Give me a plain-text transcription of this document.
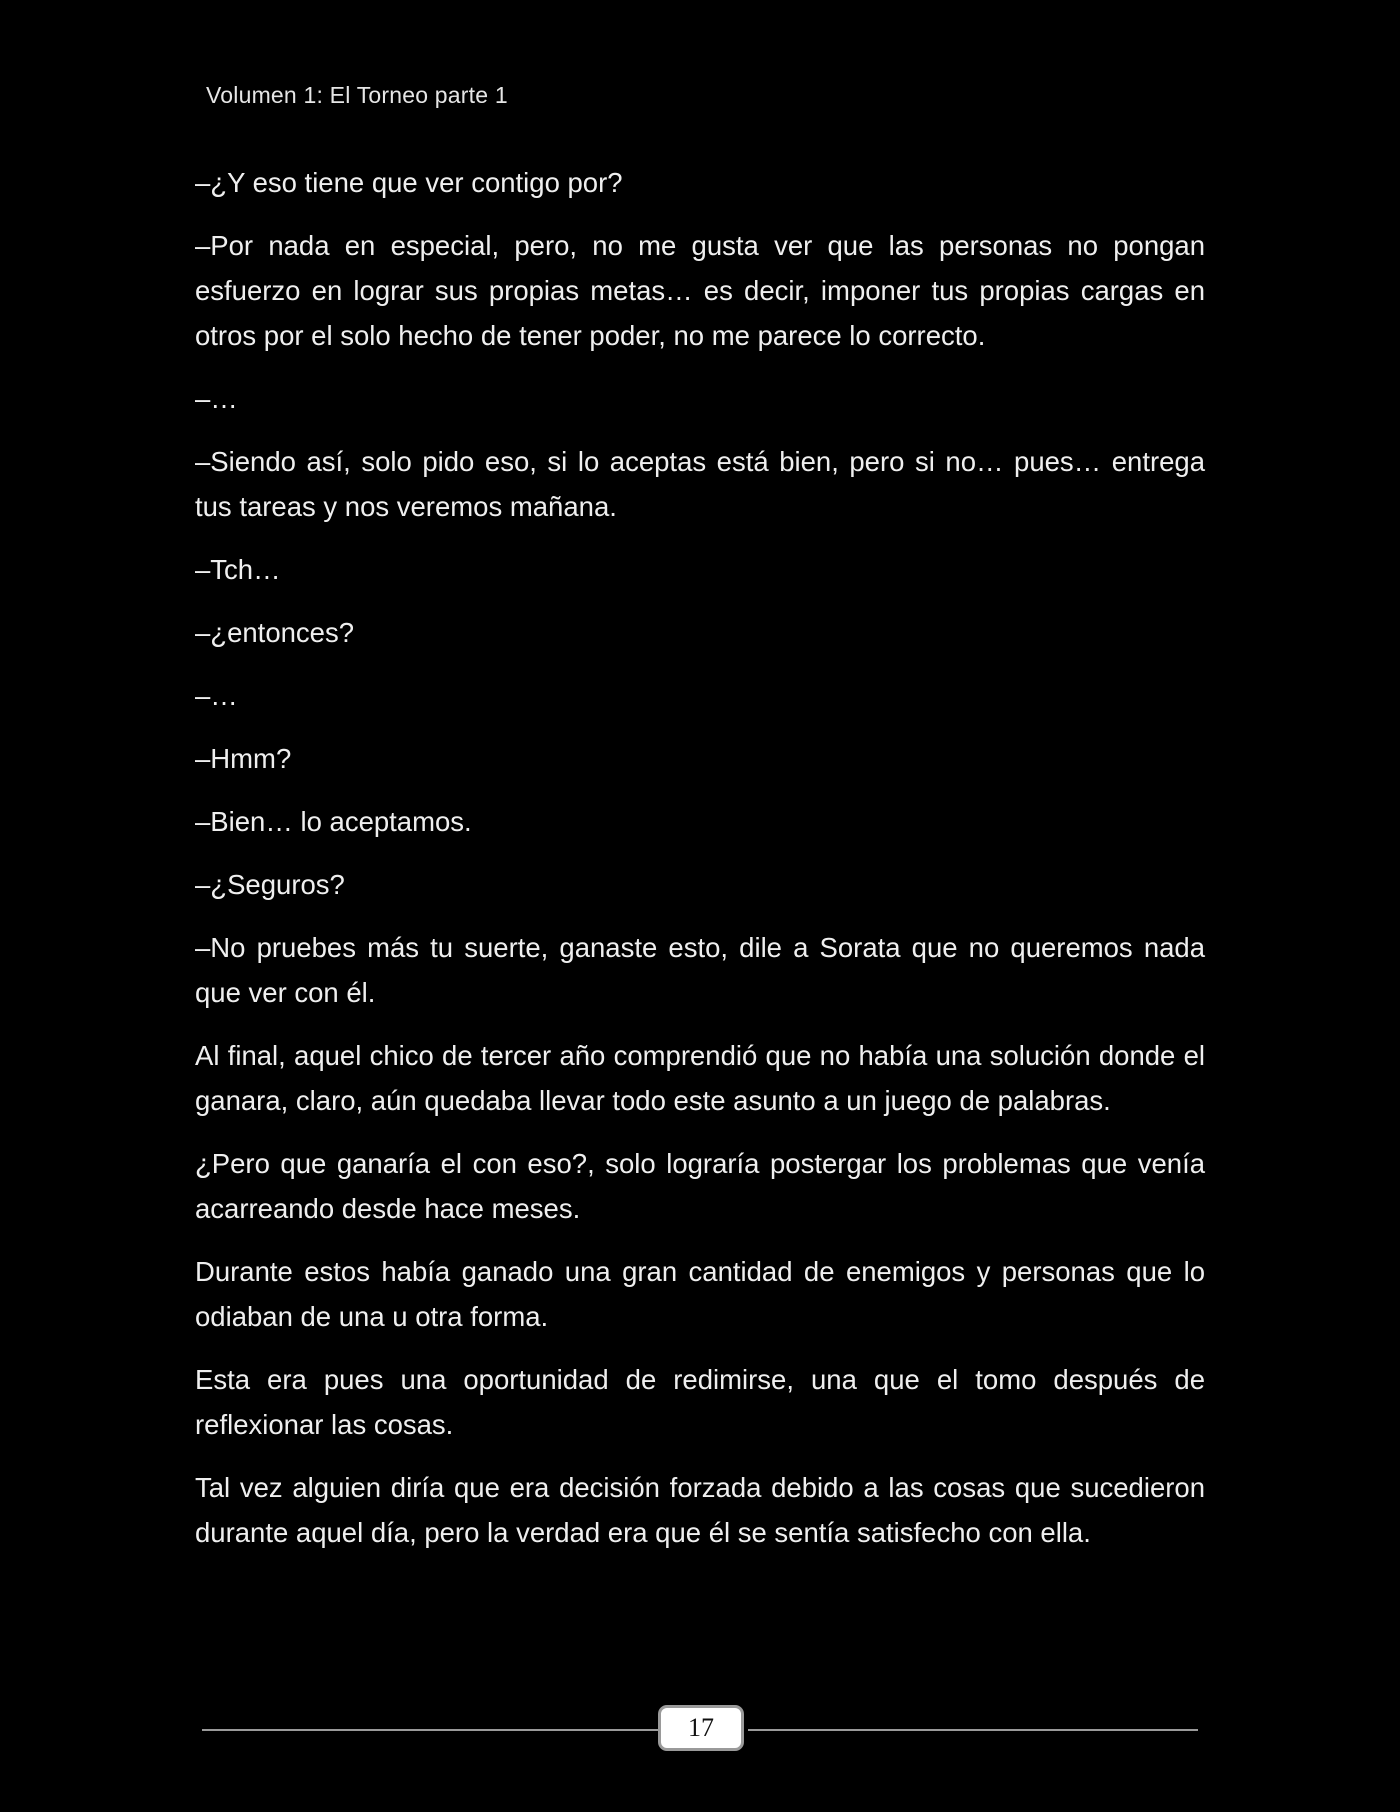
Volumen 1: El Torneo parte 1

–¿Y eso tiene que ver contigo por?

–Por nada en especial, pero, no me gusta ver que las personas no pongan esfuerzo en lograr sus propias metas… es decir, imponer tus propias cargas en otros por el solo hecho de tener poder, no me parece lo correcto.

–…

–Siendo así, solo pido eso, si lo aceptas está bien, pero si no… pues… entrega tus tareas y nos veremos mañana.

–Tch…

–¿entonces?

–…

–Hmm?

–Bien… lo aceptamos.

–¿Seguros?

–No pruebes más tu suerte, ganaste esto, dile a Sorata que no queremos nada que ver con él.

Al final, aquel chico de tercer año comprendió que no había una solución donde el ganara, claro, aún quedaba llevar todo este asunto a un juego de palabras.

¿Pero que ganaría el con eso?, solo lograría postergar los problemas que venía acarreando desde hace meses.

Durante estos había ganado una gran cantidad de enemigos y personas que lo odiaban de una u otra forma.

Esta era pues una oportunidad de redimirse, una que el tomo después de reflexionar las cosas.

Tal vez alguien diría que era decisión forzada debido a las cosas que sucedieron durante aquel día, pero la verdad era que él se sentía satisfecho con ella.

17
